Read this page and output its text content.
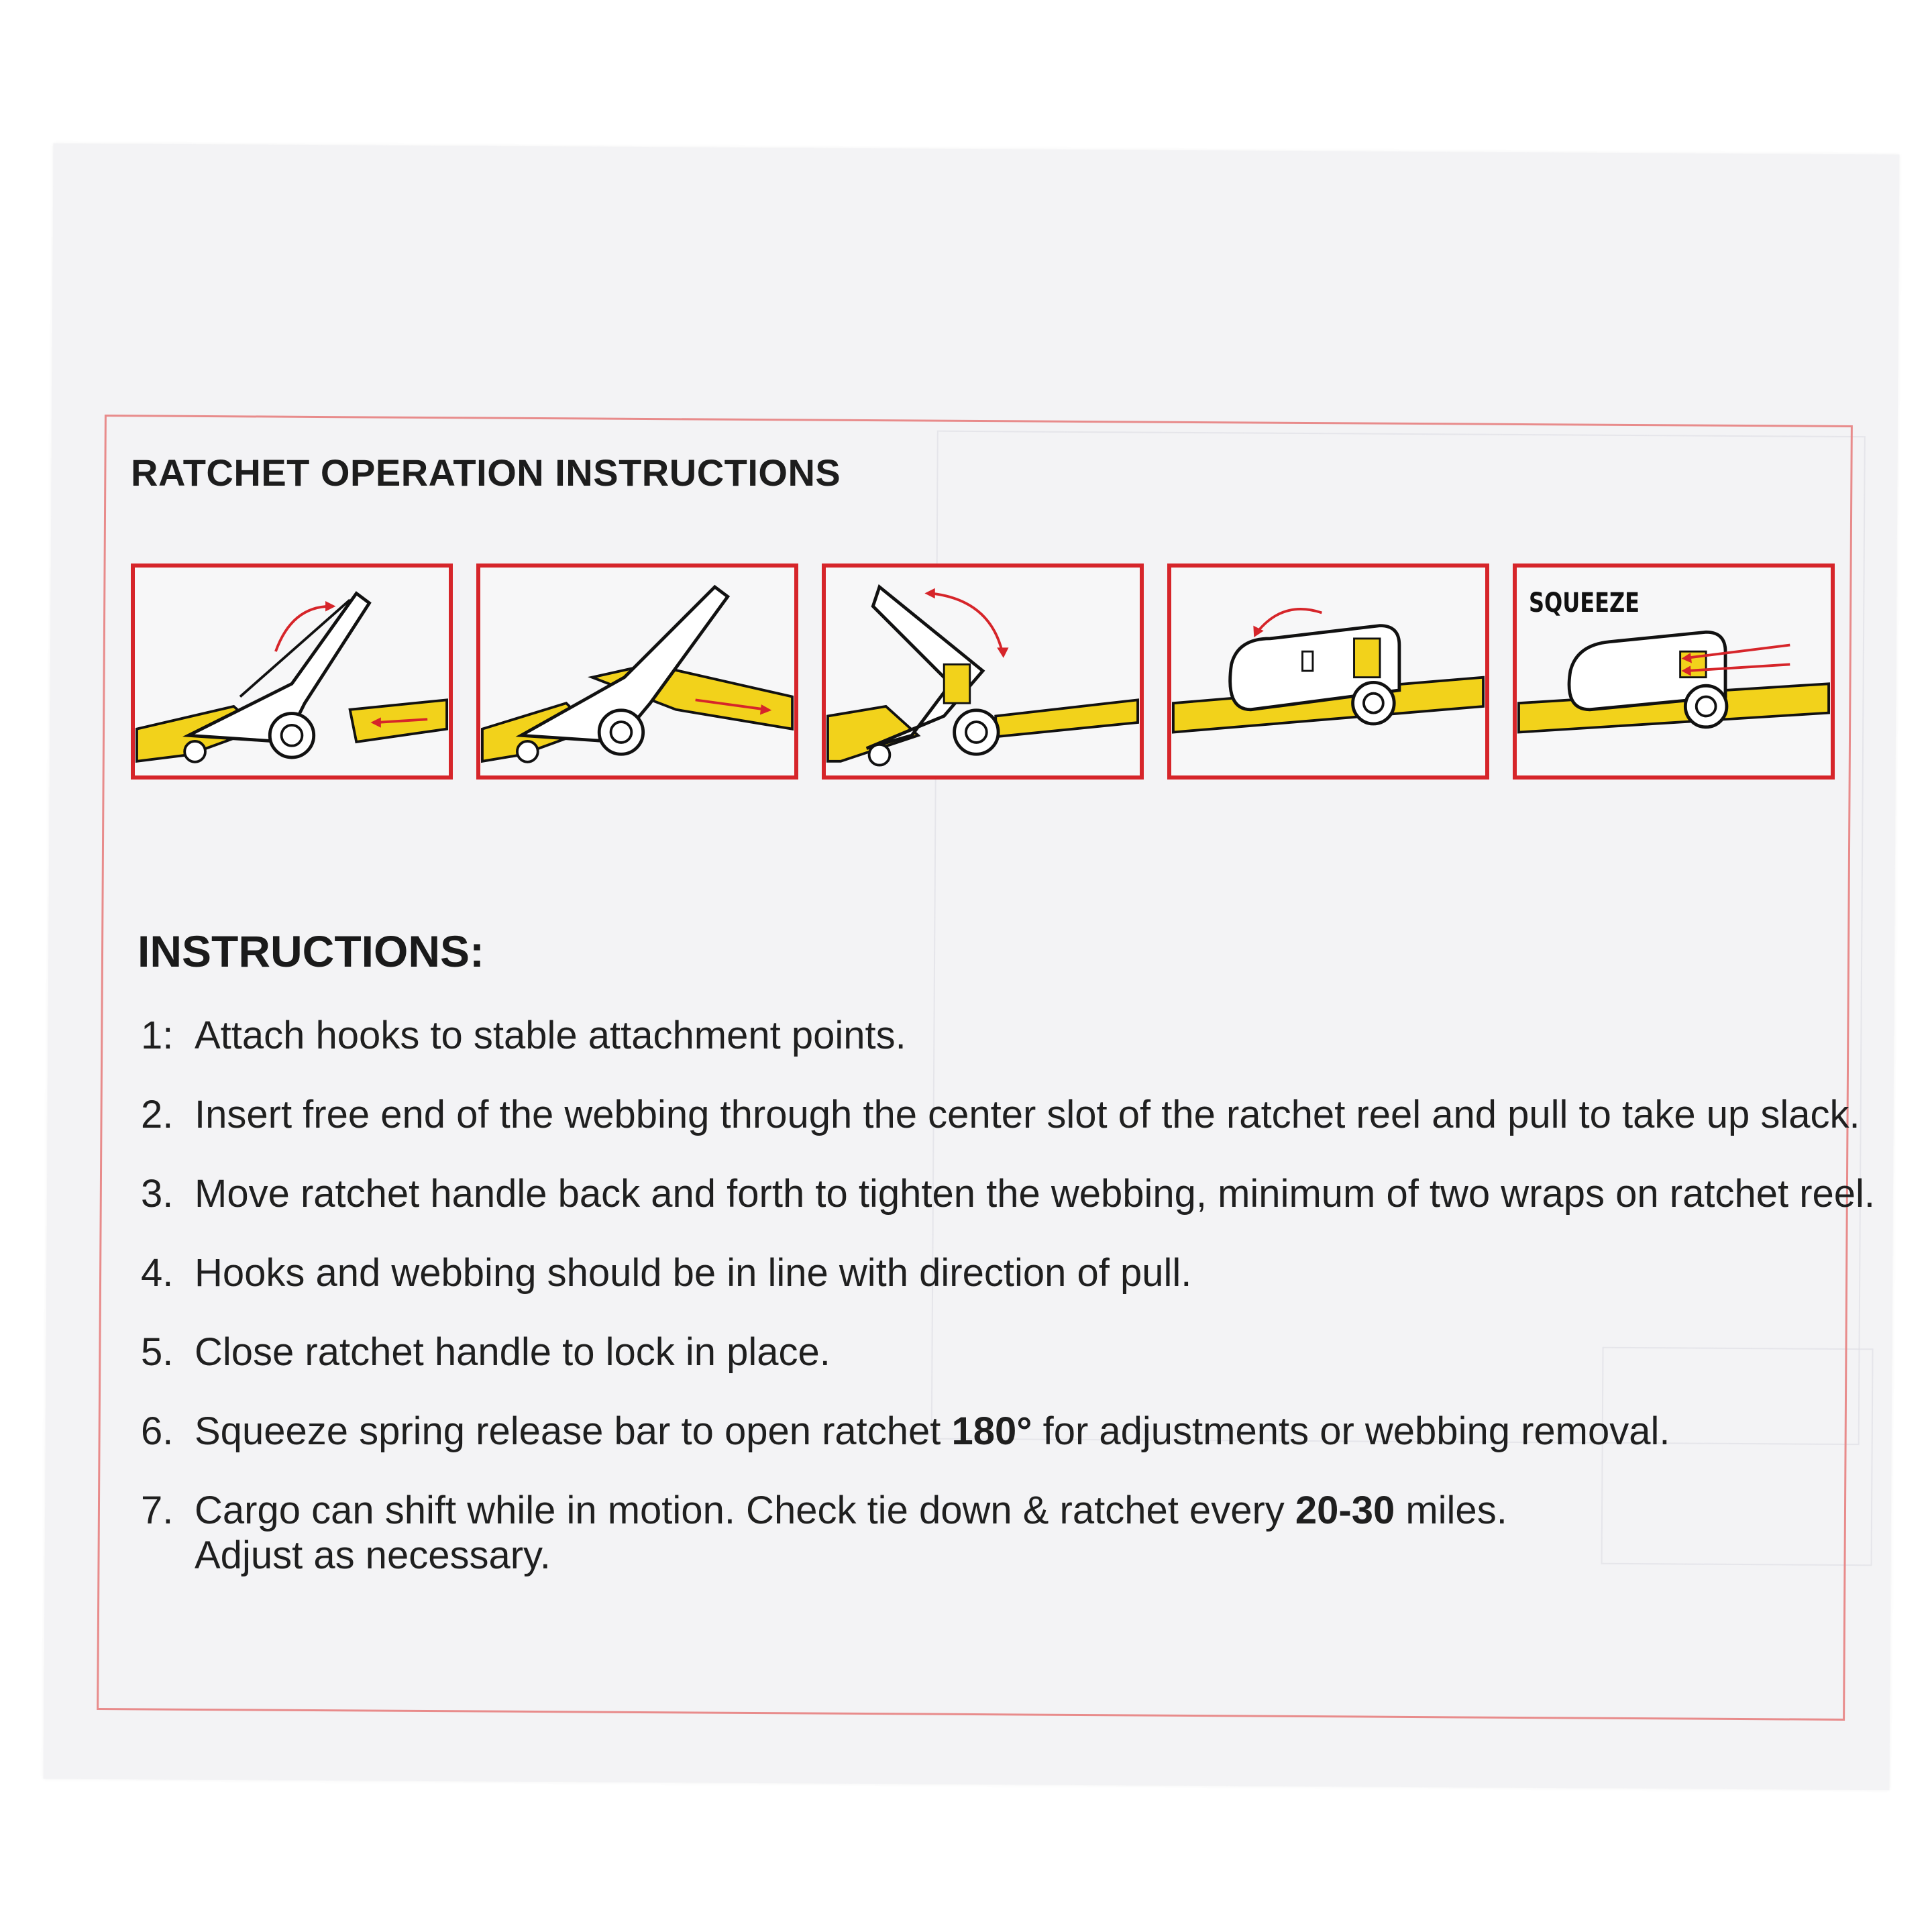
RATCHET OPERATION INSTRUCTIONS
SQUEEZE
INSTRUCTIONS:
1: Attach hooks to stable attachment points.
2. Insert free end of the webbing through the center slot of the ratchet reel and pull to take up slack.
3. Move ratchet handle back and forth to tighten the webbing, minimum of two wraps on ratchet reel.
4. Hooks and webbing should be in line with direction of pull.
5. Close ratchet handle to lock in place.
6. Squeeze spring release bar to open ratchet 180° for adjustments or webbing removal.
7. Cargo can shift while in motion. Check tie down & ratchet every 20-30 miles.
Adjust as necessary.
